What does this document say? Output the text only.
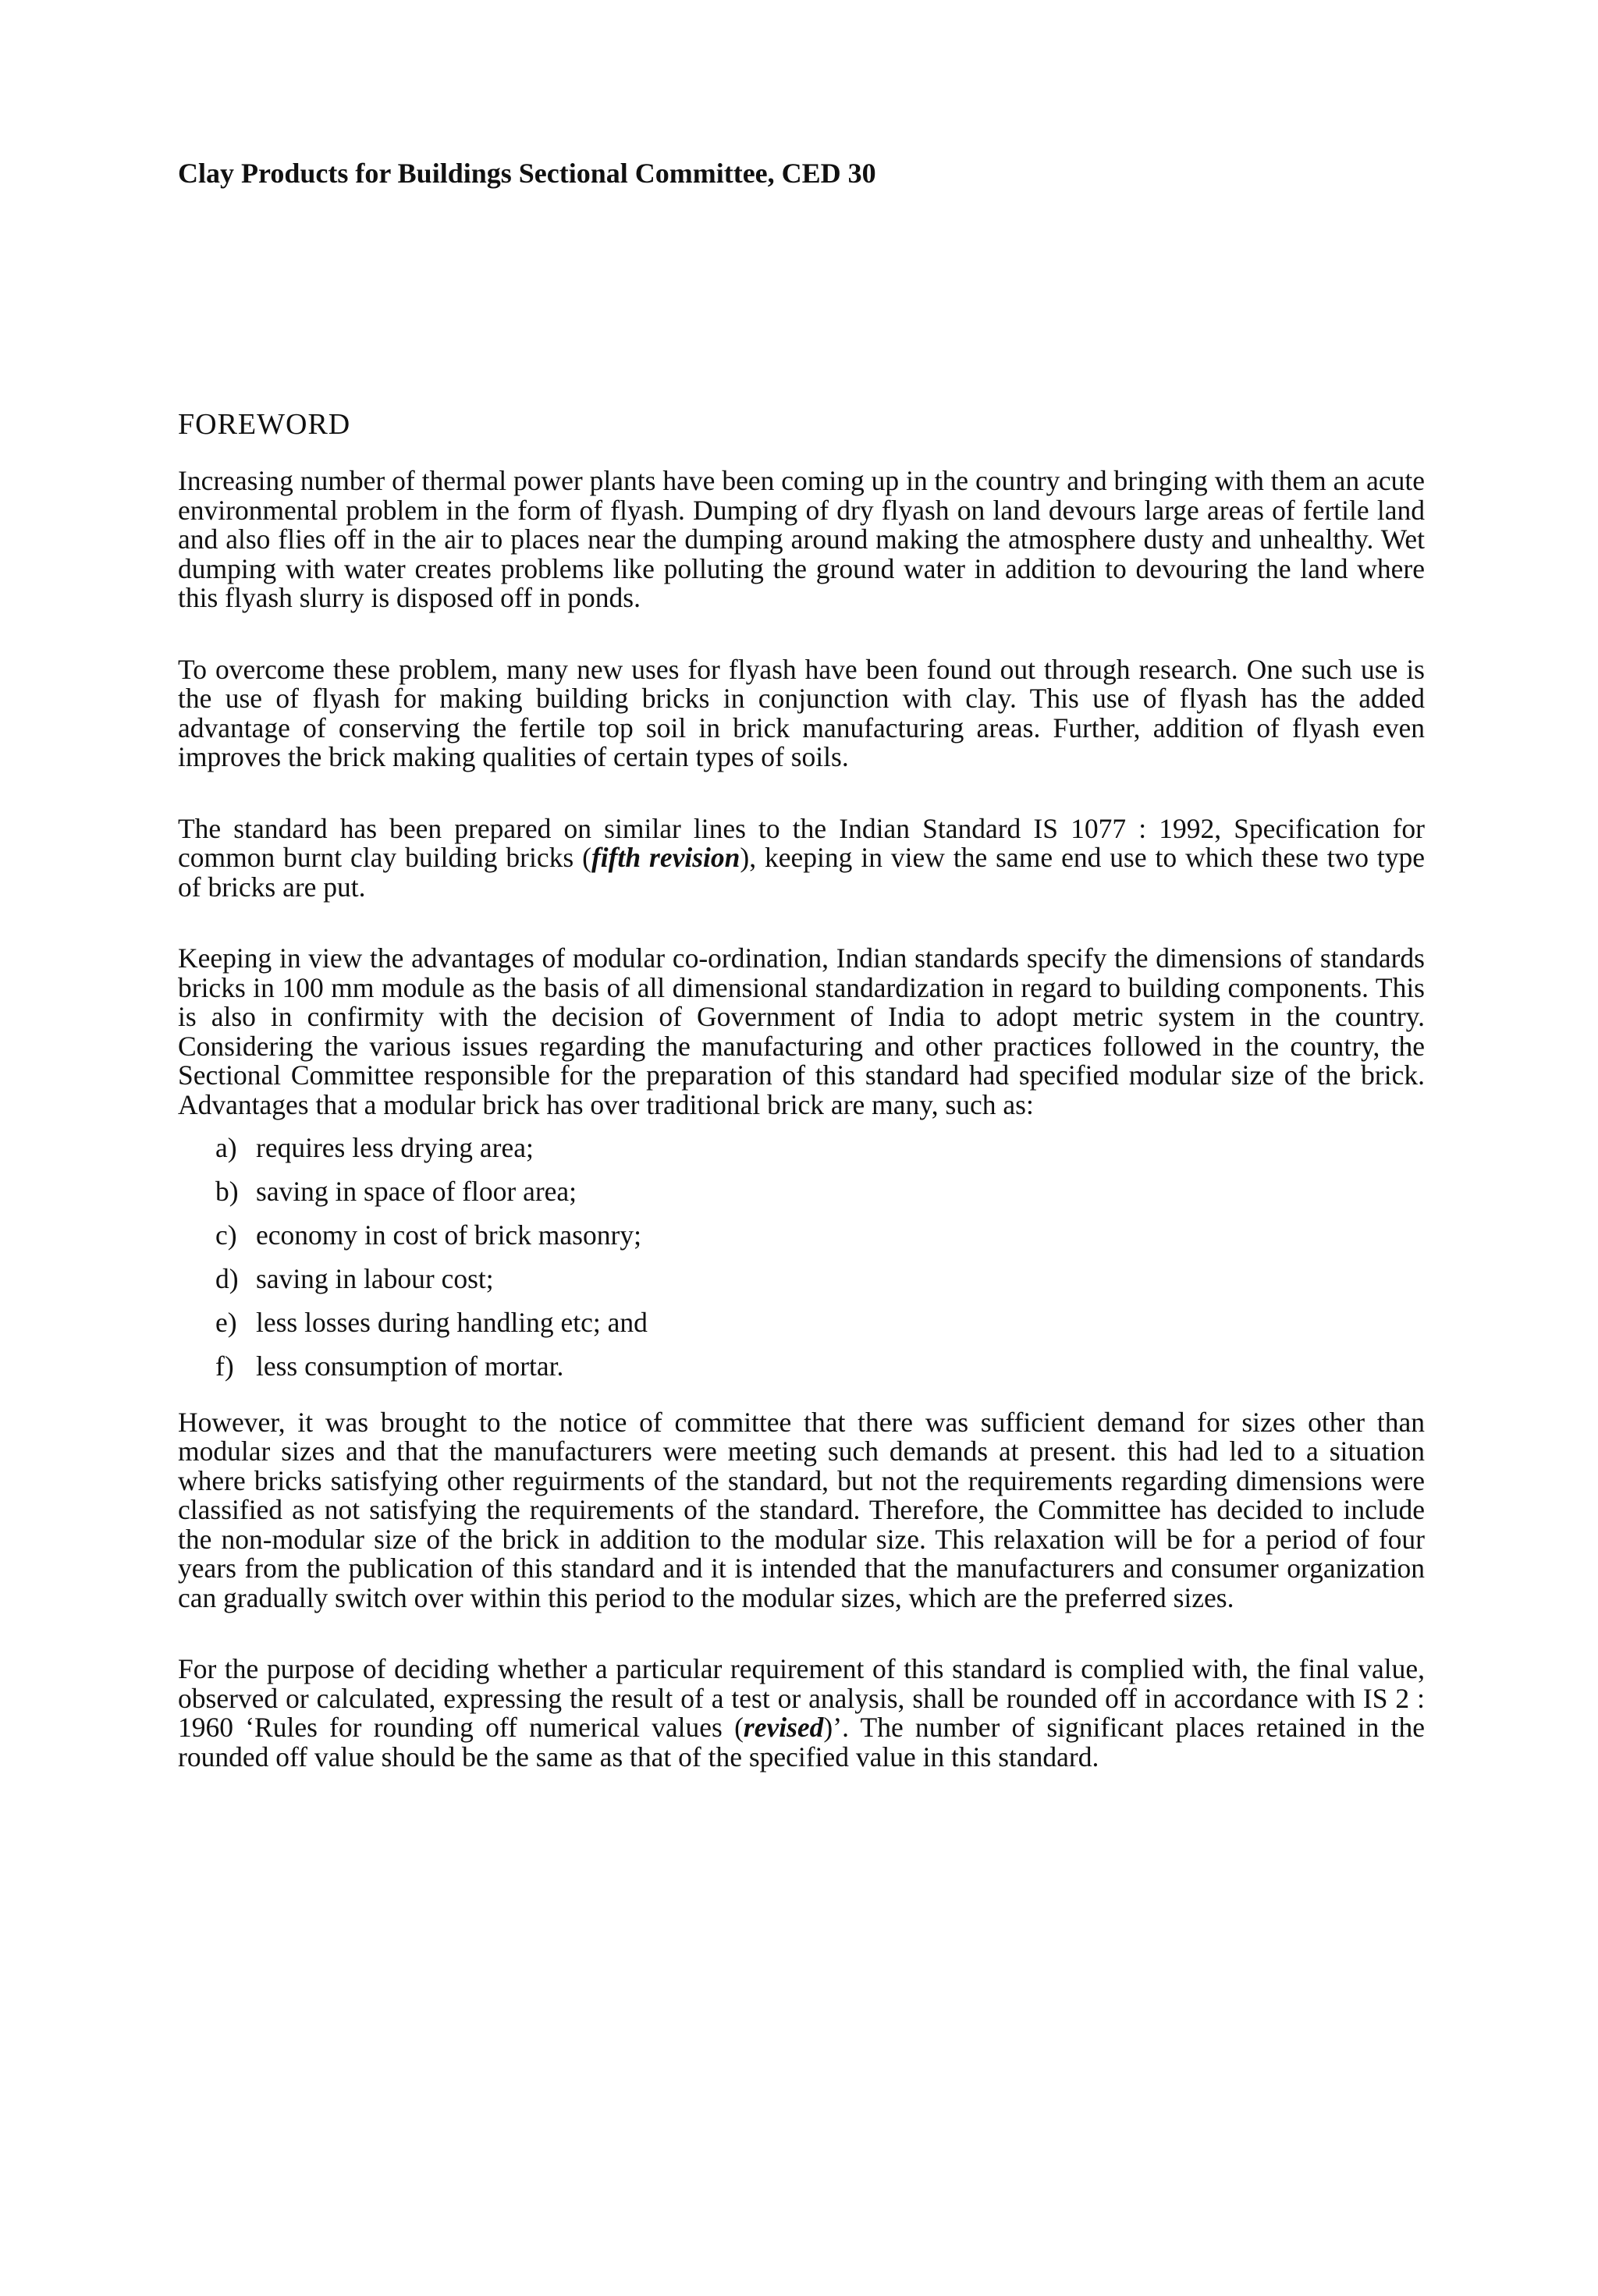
Clay Products for Buildings Sectional Committee, CED 30

FOREWORD

Increasing number of thermal power plants have been coming up in the country and bringing with them an acute environmental problem in the form of flyash. Dumping of dry flyash on land devours large areas of fertile land and also flies off in the air to places near the dumping around making the atmosphere dusty and unhealthy. Wet dumping with water creates problems like polluting the ground water in addition to devouring the land where this flyash slurry is disposed off in ponds.

To overcome these problem, many new uses for flyash have been found out through research. One such use is the use of flyash for making building bricks in conjunction with clay. This use of flyash has the added advantage of conserving the fertile top soil in brick manufacturing areas. Further, addition of flyash even improves the brick making qualities of certain types of soils.

The standard has been prepared on similar lines to the Indian Standard IS 1077 : 1992, Specification for common burnt clay building bricks (fifth revision), keeping in view the same end use to which these two type of bricks are put.

Keeping in view the advantages of modular co-ordination, Indian standards specify the dimensions of standards bricks in 100 mm module as the basis of all dimensional standardization in regard to building components. This is also in confirmity with the decision of Government of India to adopt metric system in the country. Considering the various issues regarding the manufacturing and other practices followed in the country, the Sectional Committee responsible for the preparation of this standard had specified modular size of the brick. Advantages that a modular brick has over traditional brick are many, such as:

a) requires less drying area;
b) saving in space of floor area;
c) economy in cost of brick masonry;
d) saving in labour cost;
e) less losses during handling etc; and
f) less consumption of mortar.

However, it was brought to the notice of committee that there was sufficient demand for sizes other than modular sizes and that the manufacturers were meeting such demands at present. this had led to a situation where bricks satisfying other reguirments of the standard, but not the requirements regarding dimensions were classified as not satisfying the requirements of the standard. Therefore, the Committee has decided to include the non-modular size of the brick in addition to the modular size. This relaxation will be for a period of four years from the publication of this standard and it is intended that the manufacturers and consumer organization can gradually switch over within this period to the modular sizes, which are the preferred sizes.

For the purpose of deciding whether a particular requirement of this standard is complied with, the final value, observed or calculated, expressing the result of a test or analysis, shall be rounded off in accordance with IS 2 : 1960 ‘Rules for rounding off numerical values (revised)’. The number of significant places retained in the rounded off value should be the same as that of the specified value in this standard.
